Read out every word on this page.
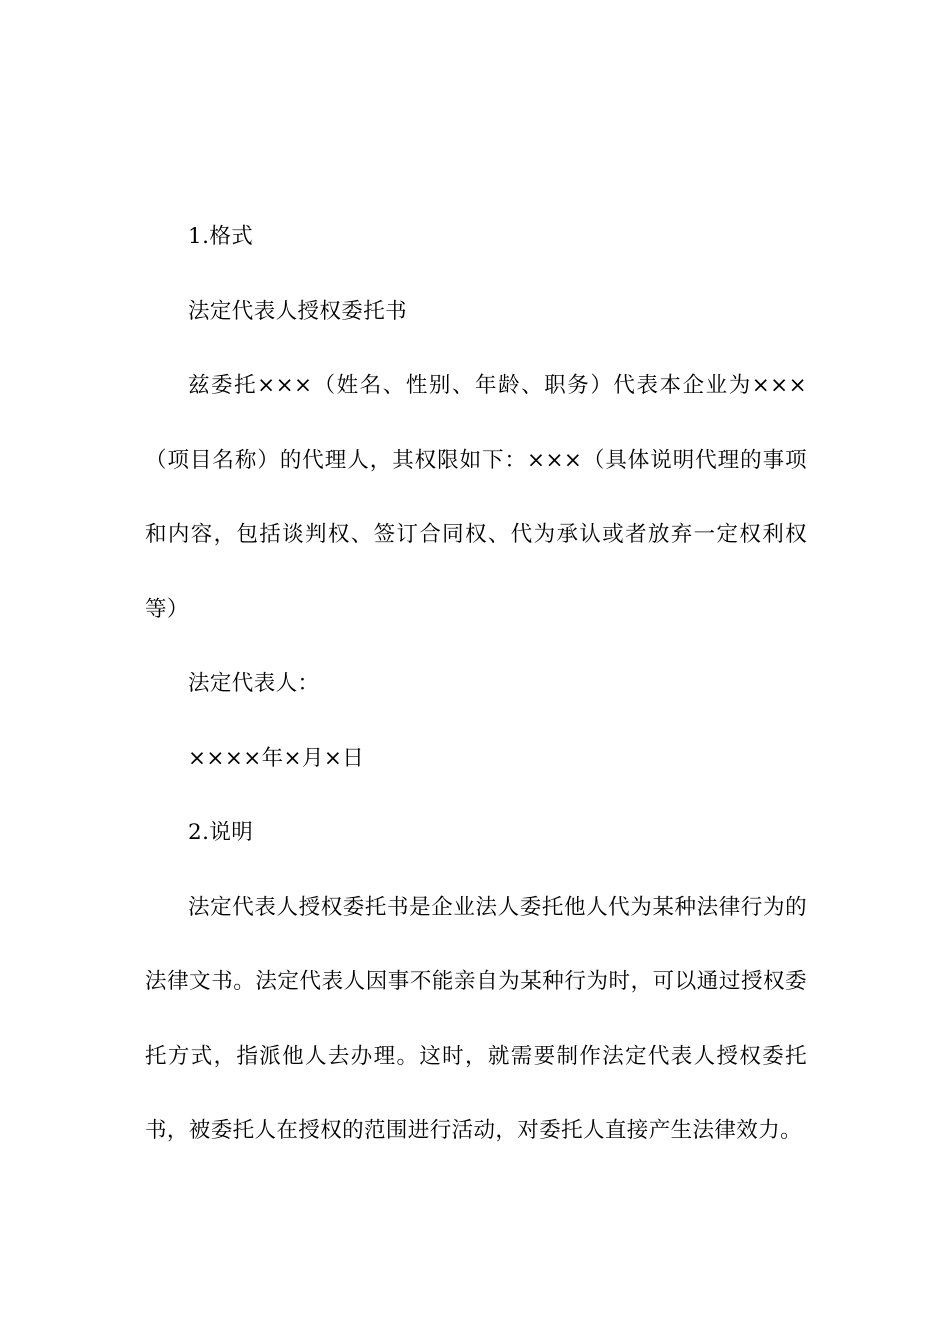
1.格式

法定代表人授权委托书

兹委托×××（姓名、性别、年龄、职务）代表本企业为×××（项目名称）的代理人，其权限如下：×××（具体说明代理的事项和内容，包括谈判权、签订合同权、代为承认或者放弃一定权利权等）

法定代表人：

××××年×月×日

2.说明

法定代表人授权委托书是企业法人委托他人代为某种法律行为的法律文书。法定代表人因事不能亲自为某种行为时，可以通过授权委托方式，指派他人去办理。这时，就需要制作法定代表人授权委托书，被委托人在授权的范围进行活动，对委托人直接产生法律效力。
